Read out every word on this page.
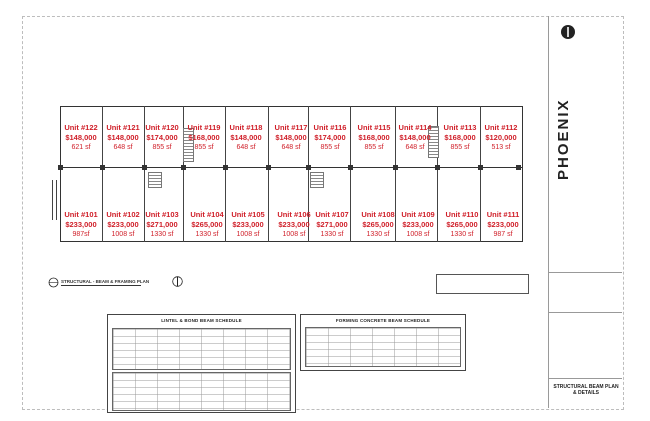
Unit #122
$148,000
621 sf
Unit #121
$148,000
648 sf
Unit #120
$174,000
855 sf
Unit #119
$168,000
855 sf
Unit #118
$148,000
648 sf
Unit #117
$148,000
648 sf
Unit #116
$174,000
855 sf
Unit #115
$168,000
855 sf
Unit #114
$148,000
648 sf
Unit #113
$168,000
855 sf
Unit #112
$120,000
513 sf
Unit #101
$233,000
987sf
Unit #102
$233,000
1008 sf
Unit #103
$271,000
1330 sf
Unit #104
$265,000
1330 sf
Unit #105
$233,000
1008 sf
Unit #106
$233,000
1008 sf
Unit #107
$271,000
1330 sf
Unit #108
$265,000
1330 sf
Unit #109
$233,000
1008 sf
Unit #110
$265,000
1330 sf
Unit #111
$233,000
987 sf
STRUCTURAL - BEAM & FRAMING PLAN
LINTEL & BOND BEAM SCHEDULE	FORMING CONCRETE BEAM SCHEDULE
PHOENIX
STRUCTURAL BEAM PLAN & DETAILS
